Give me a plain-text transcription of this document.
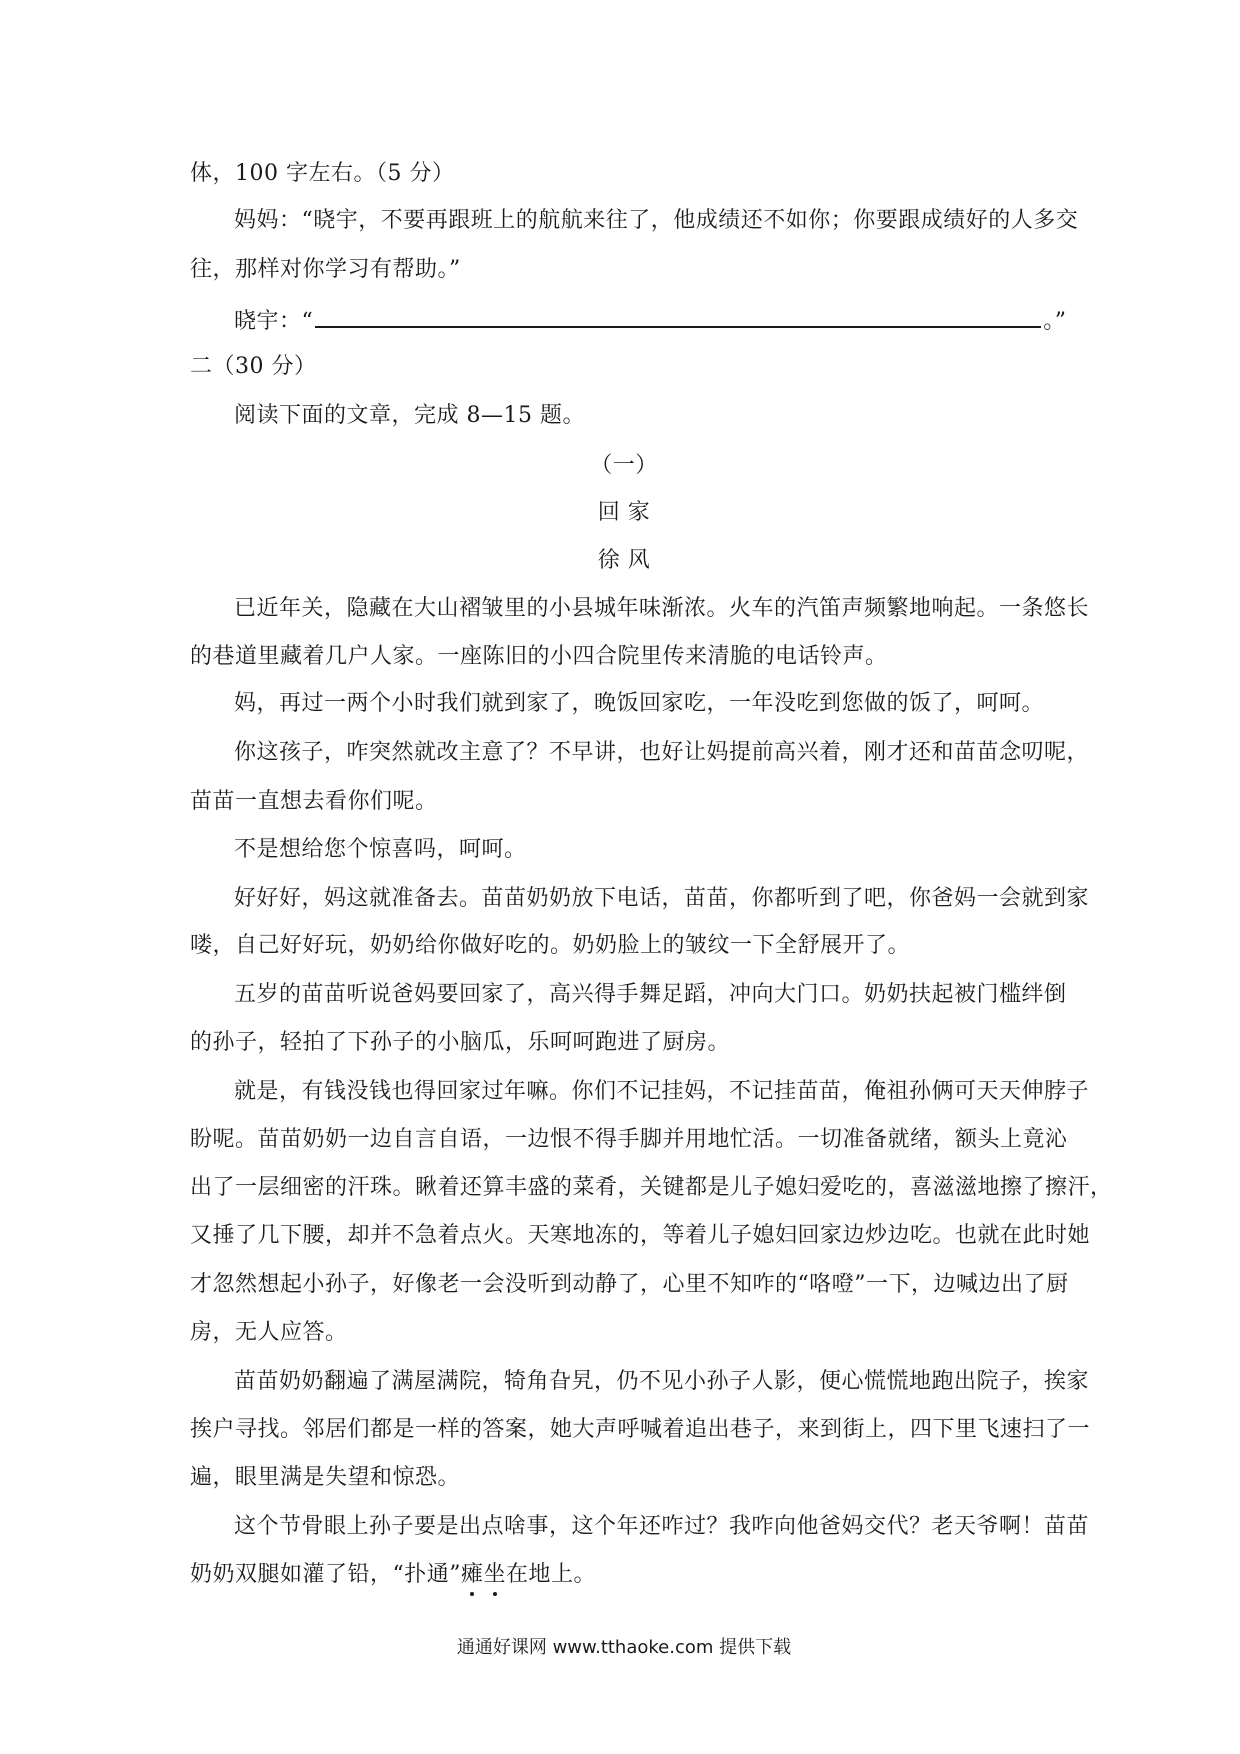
体，100 字左右。（5 分）
妈妈：“晓宇，不要再跟班上的航航来往了，他成绩还不如你；你要跟成绩好的人多交
往，那样对你学习有帮助。”
晓宇：“	。”
二（30 分）
阅读下面的文章，完成 8—15 题。
（一）
回 家
徐 风
已近年关，隐藏在大山褶皱里的小县城年味渐浓。火车的汽笛声频繁地响起。一条悠长
的巷道里藏着几户人家。一座陈旧的小四合院里传来清脆的电话铃声。
妈，再过一两个小时我们就到家了，晚饭回家吃，一年没吃到您做的饭了，呵呵。
你这孩子，咋突然就改主意了？不早讲，也好让妈提前高兴着，刚才还和苗苗念叨呢，
苗苗一直想去看你们呢。
不是想给您个惊喜吗，呵呵。
好好好，妈这就准备去。苗苗奶奶放下电话，苗苗，你都听到了吧，你爸妈一会就到家
喽，自己好好玩，奶奶给你做好吃的。奶奶脸上的皱纹一下全舒展开了。
五岁的苗苗听说爸妈要回家了，高兴得手舞足蹈，冲向大门口。奶奶扶起被门槛绊倒
的孙子，轻拍了下孙子的小脑瓜，乐呵呵跑进了厨房。
就是，有钱没钱也得回家过年嘛。你们不记挂妈，不记挂苗苗，俺祖孙俩可天天伸脖子
盼呢。苗苗奶奶一边自言自语，一边恨不得手脚并用地忙活。一切准备就绪，额头上竟沁
出了一层细密的汗珠。瞅着还算丰盛的菜肴，关键都是儿子媳妇爱吃的，喜滋滋地擦了擦汗，
又捶了几下腰，却并不急着点火。天寒地冻的，等着儿子媳妇回家边炒边吃。也就在此时她
才忽然想起小孙子，好像老一会没听到动静了，心里不知咋的“咯噔”一下，边喊边出了厨
房，无人应答。
苗苗奶奶翻遍了满屋满院，犄角旮旯，仍不见小孙子人影，便心慌慌地跑出院子，挨家
挨户寻找。邻居们都是一样的答案，她大声呼喊着追出巷子，来到街上，四下里飞速扫了一
遍，眼里满是失望和惊恐。
这个节骨眼上孙子要是出点啥事，这个年还咋过？我咋向他爸妈交代？老天爷啊！苗苗
奶奶双腿如灌了铅，“扑通”瘫坐在地上。
通通好课网 www.tthaoke.com 提供下载
